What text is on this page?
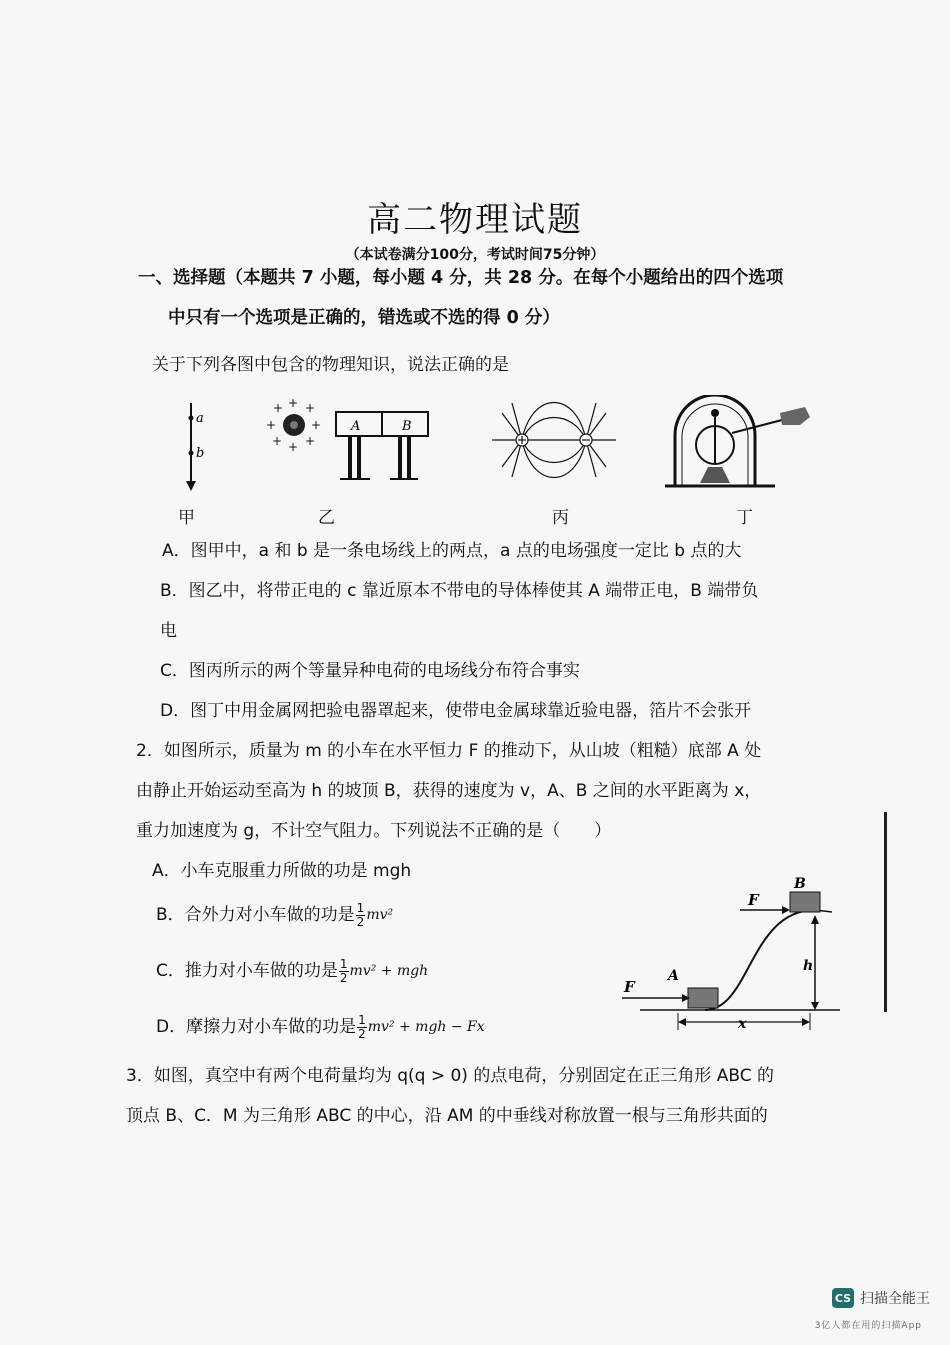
高二物理试题
（本试卷满分100分，考试时间75分钟）
一、选择题（本题共 7 小题，每小题 4 分，共 28 分。在每个小题给出的四个选项
中只有一个选项是正确的，错选或不选的得 0 分）
关于下列各图中包含的物理知识，说法正确的是
a
b
+ + +
+	+
+ + +
A	B
甲	乙	丙	丁
A．图甲中，a 和 b 是一条电场线上的两点，a 点的电场强度一定比 b 点的大
B．图乙中，将带正电的 c 靠近原本不带电的导体棒使其 A 端带正电，B 端带负
电
C．图丙所示的两个等量异种电荷的电场线分布符合事实
D．图丁中用金属网把验电器罩起来，使带电金属球靠近验电器，箔片不会张开
2．如图所示，质量为 m 的小车在水平恒力 F 的推动下，从山坡（粗糙）底部 A 处
由静止开始运动至高为 h 的坡顶 B，获得的速度为 v，A、B 之间的水平距离为 x，
重力加速度为 g，不计空气阻力。下列说法不正确的是（　　）
A．小车克服重力所做的功是 mgh
B．合外力对小车做的功是 $\frac{1}{2} mv^2$
C．推力对小车做的功是 $\frac{1}{2} mv^2$ + mgh
D．摩擦力对小车做的功是 $\frac{1}{2} mv^2$ + mgh − Fx
F
A
F
B
h
x
3．如图，真空中有两个电荷量均为 q(q > 0) 的点电荷，分别固定在正三角形 ABC 的
顶点 B、C．M 为三角形 ABC 的中心，沿 AM 的中垂线对称放置一根与三角形共面的
CS 扫描全能王
3亿人都在用的扫描App
